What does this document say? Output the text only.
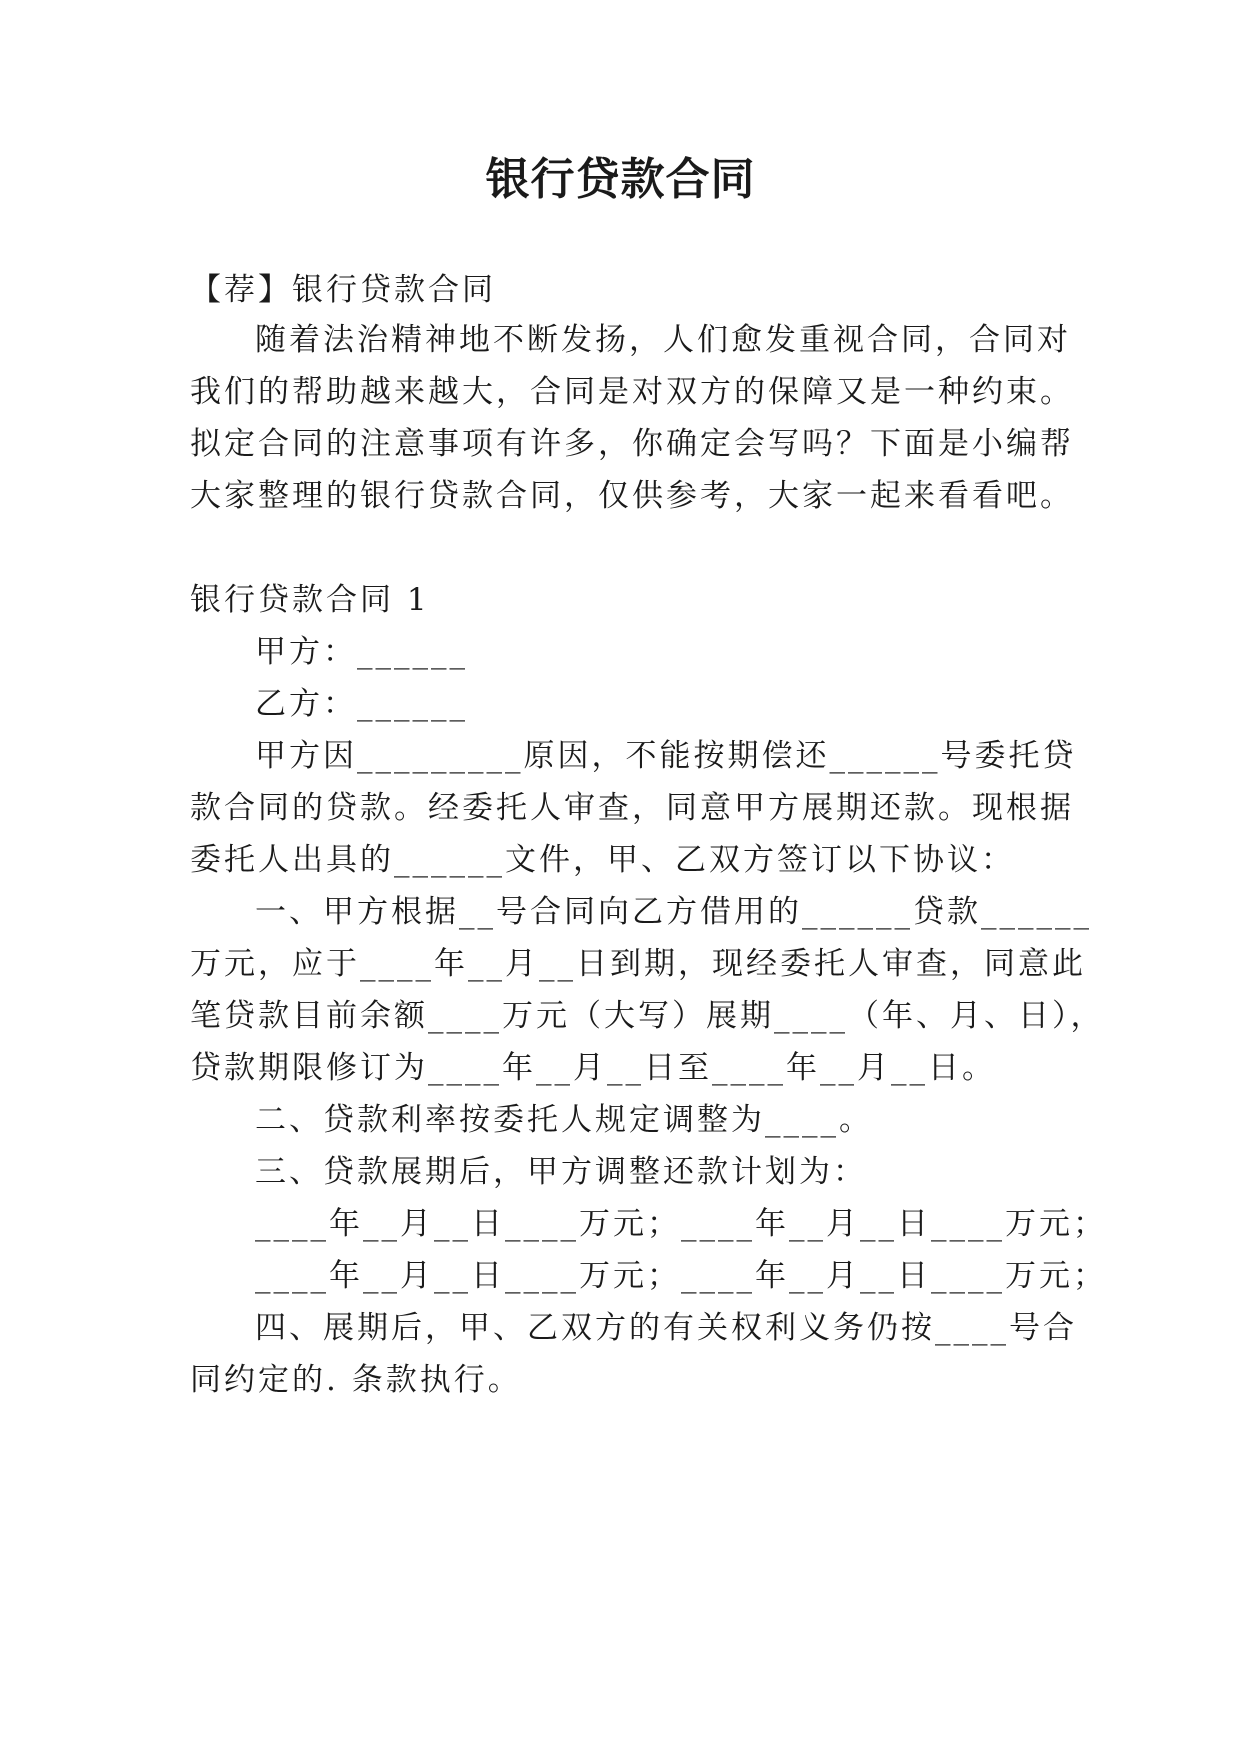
银行贷款合同
【荐】银行贷款合同
随着法治精神地不断发扬，人们愈发重视合同，合同对
我们的帮助越来越大，合同是对双方的保障又是一种约束。
拟定合同的注意事项有许多，你确定会写吗？下面是小编帮
大家整理的银行贷款合同，仅供参考，大家一起来看看吧。
银行贷款合同 1
甲方：______
乙方：______
甲方因_________原因，不能按期偿还______号委托贷
款合同的贷款。经委托人审查，同意甲方展期还款。现根据
委托人出具的______文件，甲、乙双方签订以下协议：
一、甲方根据__号合同向乙方借用的______贷款______
万元，应于____年__月__日到期，现经委托人审查，同意此
笔贷款目前余额____万元（大写）展期____（年、月、日），
贷款期限修订为____年__月__日至____年__月__日。
二、贷款利率按委托人规定调整为____。
三、贷款展期后，甲方调整还款计划为：
____年__月__日____万元；____年__月__日____万元；
____年__月__日____万元；____年__月__日____万元；
四、展期后，甲、乙双方的有关权利义务仍按____号合
同约定的. 条款执行。
